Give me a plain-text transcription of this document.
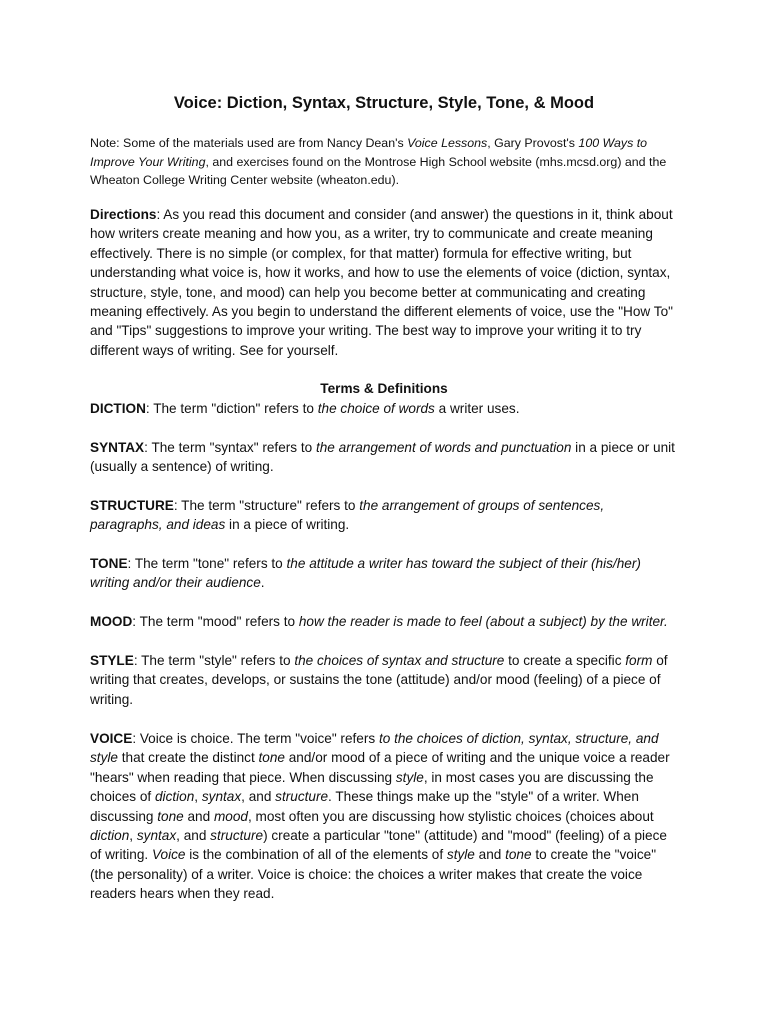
Voice: Diction, Syntax, Structure, Style, Tone, & Mood

Note: Some of the materials used are from Nancy Dean's Voice Lessons, Gary Provost's 100 Ways to Improve Your Writing, and exercises found on the Montrose High School website (mhs.mcsd.org) and the Wheaton College Writing Center website (wheaton.edu).

Directions: As you read this document and consider (and answer) the questions in it, think about how writers create meaning and how you, as a writer, try to communicate and create meaning effectively. There is no simple (or complex, for that matter) formula for effective writing, but understanding what voice is, how it works, and how to use the elements of voice (diction, syntax, structure, style, tone, and mood) can help you become better at communicating and creating meaning effectively. As you begin to understand the different elements of voice, use the "How To" and "Tips" suggestions to improve your writing. The best way to improve your writing it to try different ways of writing. See for yourself.

Terms & Definitions

DICTION: The term "diction" refers to the choice of words a writer uses.

SYNTAX: The term "syntax" refers to the arrangement of words and punctuation in a piece or unit (usually a sentence) of writing.

STRUCTURE: The term "structure" refers to the arrangement of groups of sentences, paragraphs, and ideas in a piece of writing.

TONE: The term "tone" refers to the attitude a writer has toward the subject of their (his/her) writing and/or their audience.

MOOD: The term "mood" refers to how the reader is made to feel (about a subject) by the writer.

STYLE: The term "style" refers to the choices of syntax and structure to create a specific form of writing that creates, develops, or sustains the tone (attitude) and/or mood (feeling) of a piece of writing.

VOICE: Voice is choice. The term "voice" refers to the choices of diction, syntax, structure, and style that create the distinct tone and/or mood of a piece of writing and the unique voice a reader "hears" when reading that piece. When discussing style, in most cases you are discussing the choices of diction, syntax, and structure. These things make up the "style" of a writer. When discussing tone and mood, most often you are discussing how stylistic choices (choices about diction, syntax, and structure) create a particular "tone" (attitude) and "mood" (feeling) of a piece of writing. Voice is the combination of all of the elements of style and tone to create the "voice" (the personality) of a writer. Voice is choice: the choices a writer makes that create the voice readers hears when they read.
